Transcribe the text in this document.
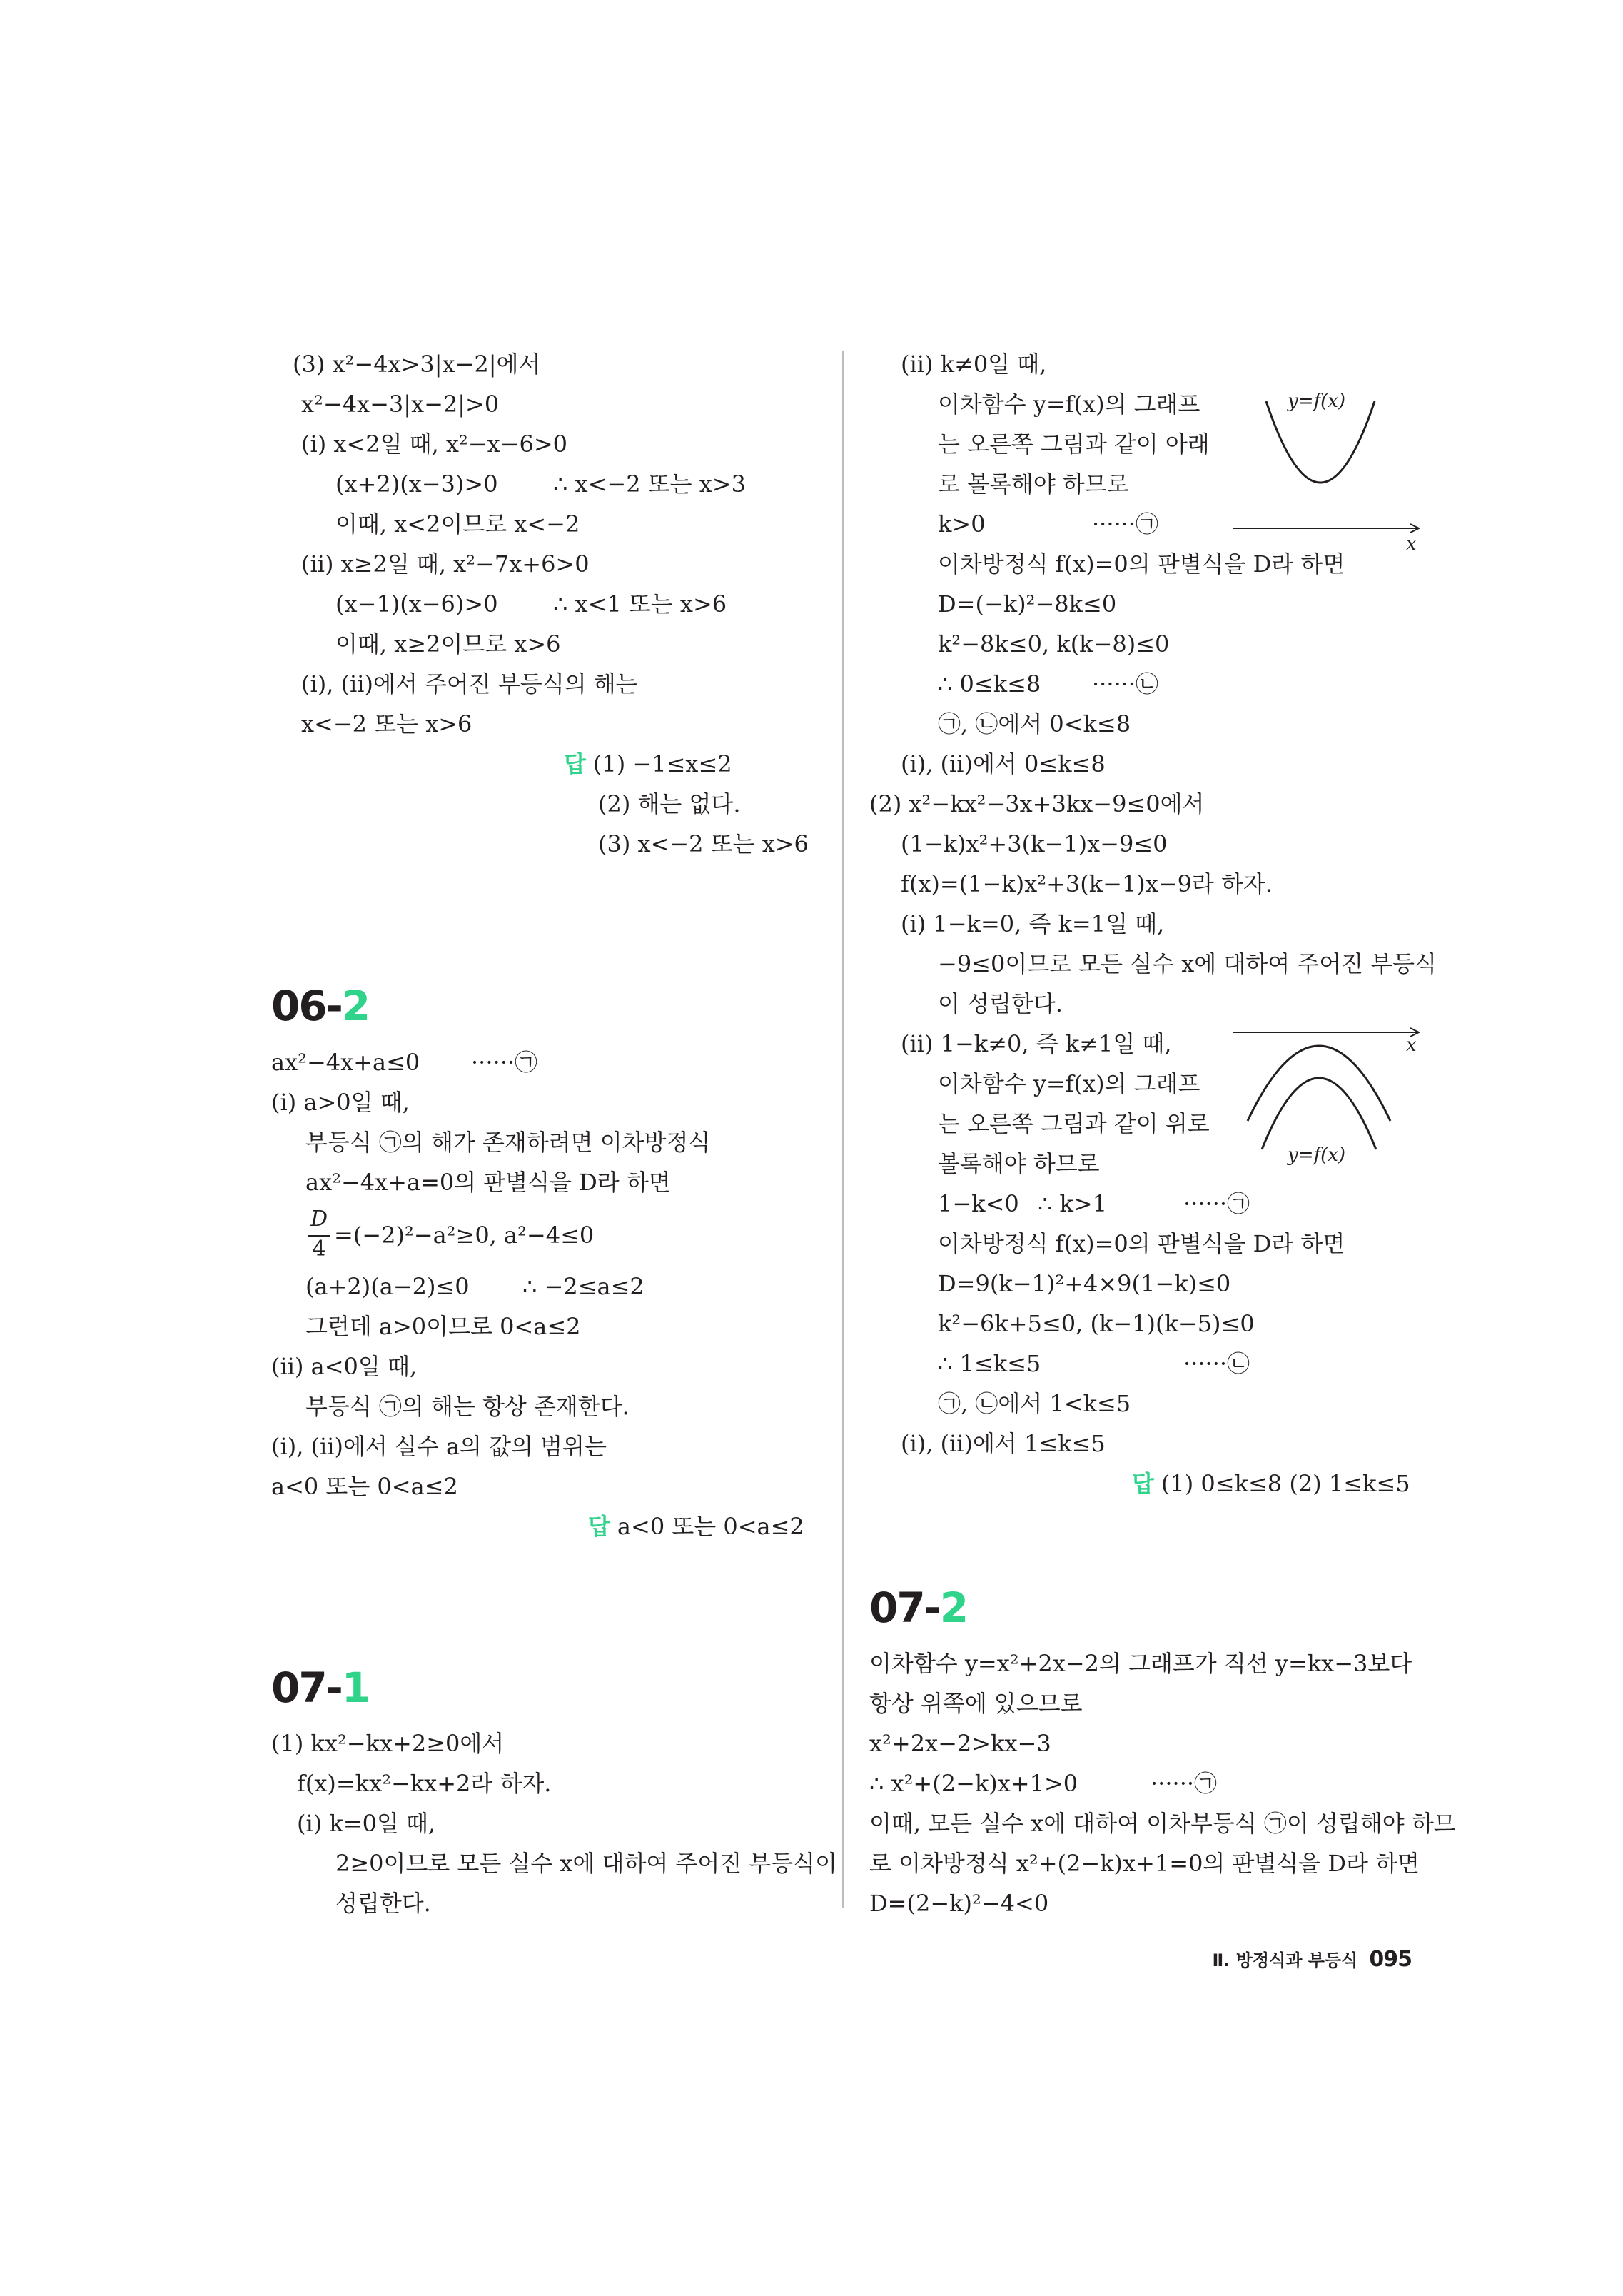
(3) x²−4x>3|x−2|에서
x²−4x−3|x−2|>0
(ⅰ) x<2일 때, x²−x−6>0
(x+2)(x−3)>0 ∴ x<−2 또는 x>3
이때, x<2이므로 x<−2
(ⅱ) x≥2일 때, x²−7x+6>0
(x−1)(x−6)>0 ∴ x<1 또는 x>6
이때, x≥2이므로 x>6
(ⅰ), (ⅱ)에서 주어진 부등식의 해는
x<−2 또는 x>6
답 (1) −1≤x≤2
(2) 해는 없다.
(3) x<−2 또는 x>6
06-2
ax²−4x+a≤0 ······㉠
(ⅰ) a>0일 때,
부등식 ㉠의 해가 존재하려면 이차방정식
ax²−4x+a=0의 판별식을 D라 하면
D
4
=(−2)²−a²≥0, a²−4≤0
(a+2)(a−2)≤0 ∴ −2≤a≤2
그런데 a>0이므로 0<a≤2
(ⅱ) a<0일 때,
부등식 ㉠의 해는 항상 존재한다.
(ⅰ), (ⅱ)에서 실수 a의 값의 범위는
a<0 또는 0<a≤2
답 a<0 또는 0<a≤2
07-1
(1) kx²−kx+2≥0에서
f(x)=kx²−kx+2라 하자.
(ⅰ) k=0일 때,
2≥0이므로 모든 실수 x에 대하여 주어진 부등식이
성립한다.
(ⅱ) k≠0일 때,
이차함수 y=f(x)의 그래프
는 오른쪽 그림과 같이 아래
로 볼록해야 하므로
k>0	······㉠
y=f(x)
x
이차방정식 f(x)=0의 판별식을 D라 하면
D=(−k)²−8k≤0
k²−8k≤0, k(k−8)≤0
∴ 0≤k≤8 ······㉡
㉠, ㉡에서 0<k≤8
(ⅰ), (ⅱ)에서 0≤k≤8
(2) x²−kx²−3x+3kx−9≤0에서
(1−k)x²+3(k−1)x−9≤0
f(x)=(1−k)x²+3(k−1)x−9라 하자.
(ⅰ) 1−k=0, 즉 k=1일 때,
−9≤0이므로 모든 실수 x에 대하여 주어진 부등식
이 성립한다.
(ⅱ) 1−k≠0, 즉 k≠1일 때,	x
y=f(x)
이차함수 y=f(x)의 그래프
는 오른쪽 그림과 같이 위로
볼록해야 하므로
1−k<0 ∴ k>1	······㉠
이차방정식 f(x)=0의 판별식을 D라 하면
D=9(k−1)²+4×9(1−k)≤0
k²−6k+5≤0, (k−1)(k−5)≤0
∴ 1≤k≤5	······㉡
㉠, ㉡에서 1<k≤5
(ⅰ), (ⅱ)에서 1≤k≤5
답 (1) 0≤k≤8 (2) 1≤k≤5
07-2
이차함수 y=x²+2x−2의 그래프가 직선 y=kx−3보다
항상 위쪽에 있으므로
x²+2x−2>kx−3
∴ x²+(2−k)x+1>0	······㉠
이때, 모든 실수 x에 대하여 이차부등식 ㉠이 성립해야 하므
로 이차방정식 x²+(2−k)x+1=0의 판별식을 D라 하면
D=(2−k)²−4<0
Ⅱ. 방정식과 부등식 095
